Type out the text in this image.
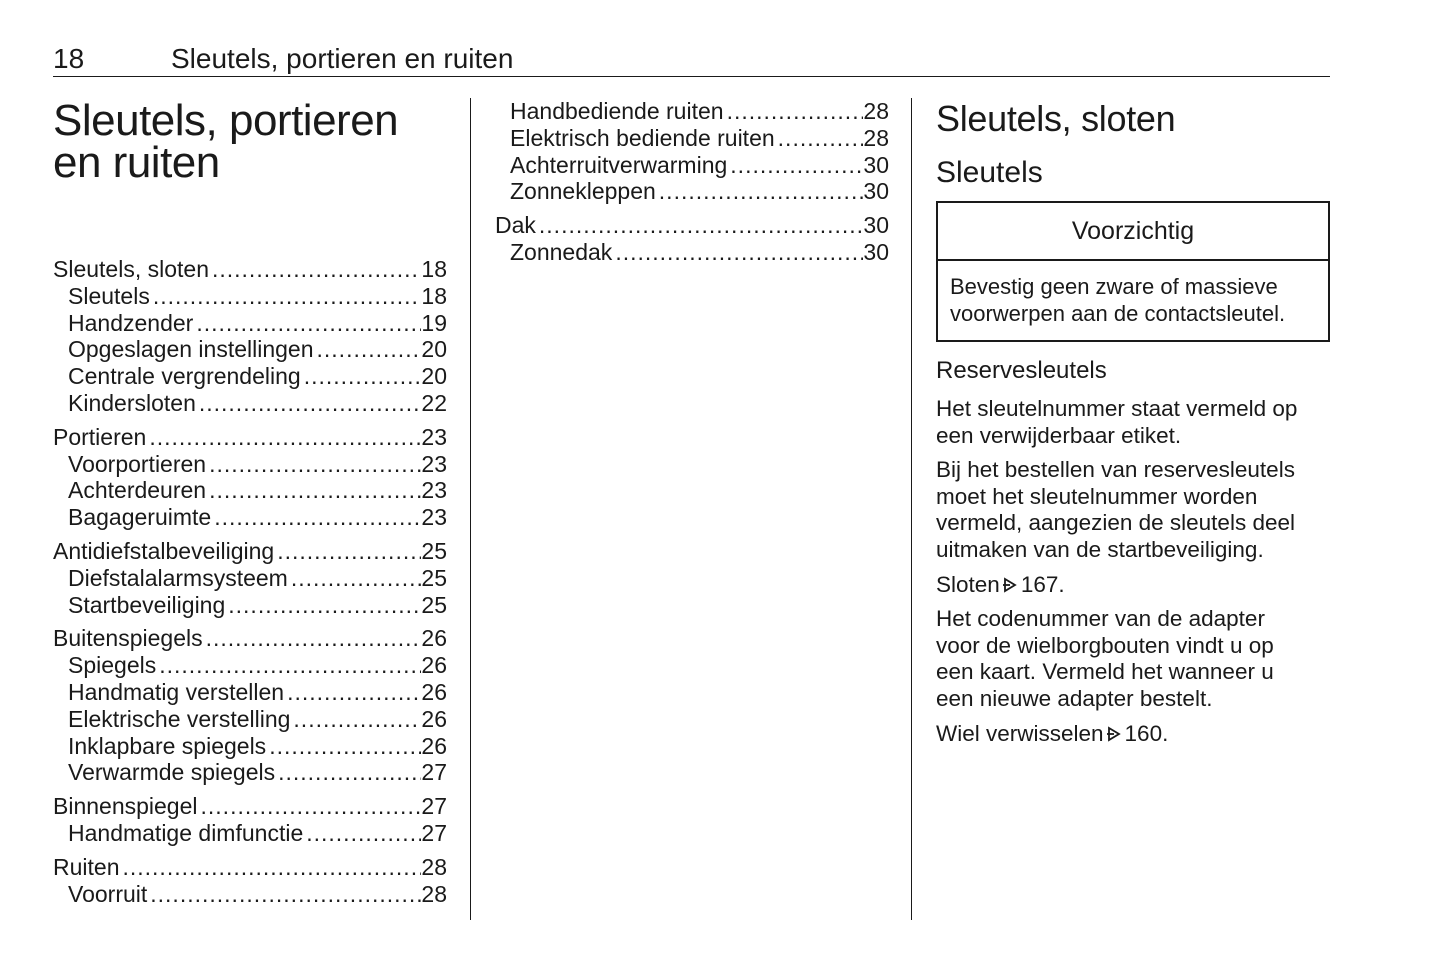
18	Sleutels, portieren en ruiten
Sleutels, portieren
en ruiten
Sleutels, sloten .....	18
Sleutels .....	18
Handzender .....	19
Opgeslagen instellingen .....	20
Centrale vergrendeling .....	20
Kindersloten .....	22
Portieren .....	23
Voorportieren .....	23
Achterdeuren .....	23
Bagageruimte .....	23
Antidiefstalbeveiliging .....	25
Diefstalalarmsysteem .....	25
Startbeveiliging .....	25
Buitenspiegels .....	26
Spiegels .....	26
Handmatig verstellen .....	26
Elektrische verstelling .....	26
Inklapbare spiegels .....	26
Verwarmde spiegels .....	27
Binnenspiegel .....	27
Handmatige dimfunctie .....	27
Ruiten .....	28
Voorruit .....	28
Handbediende ruiten .....	28
Elektrisch bediende ruiten .....	28
Achterruitverwarming .....	30
Zonnekleppen .....	30
Dak .....	30
Zonnedak .....	30
Sleutels, sloten
Sleutels
Voorzichtig
Bevestig geen zware of massieve
voorwerpen aan de contactsleutel.
Reservesleutels

Het sleutelnummer staat vermeld op
een verwijderbaar etiket.

Bij het bestellen van reservesleutels
moet het sleutelnummer worden
vermeld, aangezien de sleutels deel
uitmaken van de startbeveiliging.

Sloten 167.

Het codenummer van de adapter
voor de wielborgbouten vindt u op
een kaart. Vermeld het wanneer u
een nieuwe adapter bestelt.

Wiel verwisselen 160.
